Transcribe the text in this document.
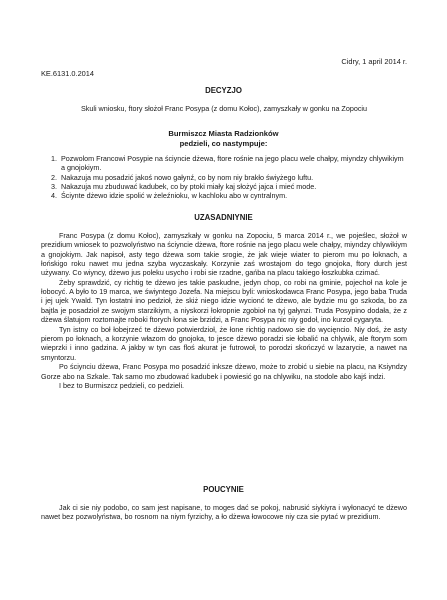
Cidry, 1 april 2014 r.
KE.6131.0.2014
DECYZJO
Skuli wniosku, ftory słożoł Franc Posypa (z domu Kołoc), zamyszkały w gonku na Zopociu
Burmiszcz Miasta Radzionków
pedzieli, co nastympuje:
1. Pozwolom Francowi Posypie na ściyncie dżewa, ftore rośnie na jego placu wele chałpy, miyndzy chlywikiym a gnojokiym.
2. Nakazuja mu posadzić jakoś nowo gałynź, co by nom niy brakło świyżego luftu.
3. Nakazuja mu zbuduwać kadubek, co by ptoki miały kaj słożyć jajca i mieć mode.
4. Ściynte dżewo idzie spolić w żeleźnioku, w kachloku abo w cyntralnym.
UZASADNIYNIE

Franc Posypa (z domu Kołoc), zamyszkały w gonku na Zopociu, 5 marca 2014 r., we pojeślec, słożoł w prezidium wniosek to pozwolyństwo na ściyncie dżewa, ftore rośnie na jego placu wele chałpy, miyndzy chlywikiym a gnojokiym. Jak napisoł, asty tego dżewa som takie srogie, że jak wieje wiater to pierom mu po łoknach, a łońskigo roku nawet mu jedna szyba wyczaskały. Korzynie zaś wrostajom do tego gnojoka, ftory durch jest używany. Co wiyncy, dżewo jus poleku usycho i robi sie rzadne, gańba na placu takiego łoszkubka czimać.

Żeby sprawdzić, cy richtig te dżewo jes takie paskudne, jedyn chop, co robi na gminie, pojechoł na kole je łobocyć. A było to 19 marca, we świyntego Jozefa. Na miejscu byli: wnioskodawca Franc Posypa, jego baba Truda i jej ujek Ywald. Tyn łostatni ino pedzioł, że skiż niego idzie wycionć te dżewo, ale bydzie mu go szkoda, bo za bajtla je posadzioł ze swojym starzikiym, a niyskorzi łokropnie zgobioł na tyj gałynzi. Truda Posypino dodała, że z dżewa ślatujom roztomajte roboki ftorych łona sie brzidzi, a Franc Posypa nic niy godoł, ino kurzoł cygaryta.

Tyn istny co boł łobejrzeć te dżewo potwierdzioł, że łone richtig nadowo sie do wycięncio. Niy doś, że asty pierom po łoknach, a korzynie włazom do gnojoka, to jesce dżewo poradzi sie łobalić na chlywik, ale ftorym som wieprzki i inno gadzina. A jakby w tyn cas floś akurat je futrowoł, to porodzi skończyć w lazarycie, a nawet na smyntorzu.

Po ściynciu dżewa, Franc Posypa mo posadzić inksze dżewo, może to zrobić u siebie na placu, na Ksiyndzy Gorze abo na Szkale. Tak samo mo zbudować kadubek i powiesić go na chlywiku, na stodole abo kajś indzi.

I bez to Burmiszcz pedzieli, co pedzieli.

POUCYNIE

Jak ci sie niy podobo, co sam jest napisane, to moges dać se pokoj, nabrusić siykiyra i wyłonacyć te dżewo nawet bez pozwolyństwa, bo rosnom na niym fyrzichy, a ło dżewa łowocowe niy cza sie pytać w prezidium.
